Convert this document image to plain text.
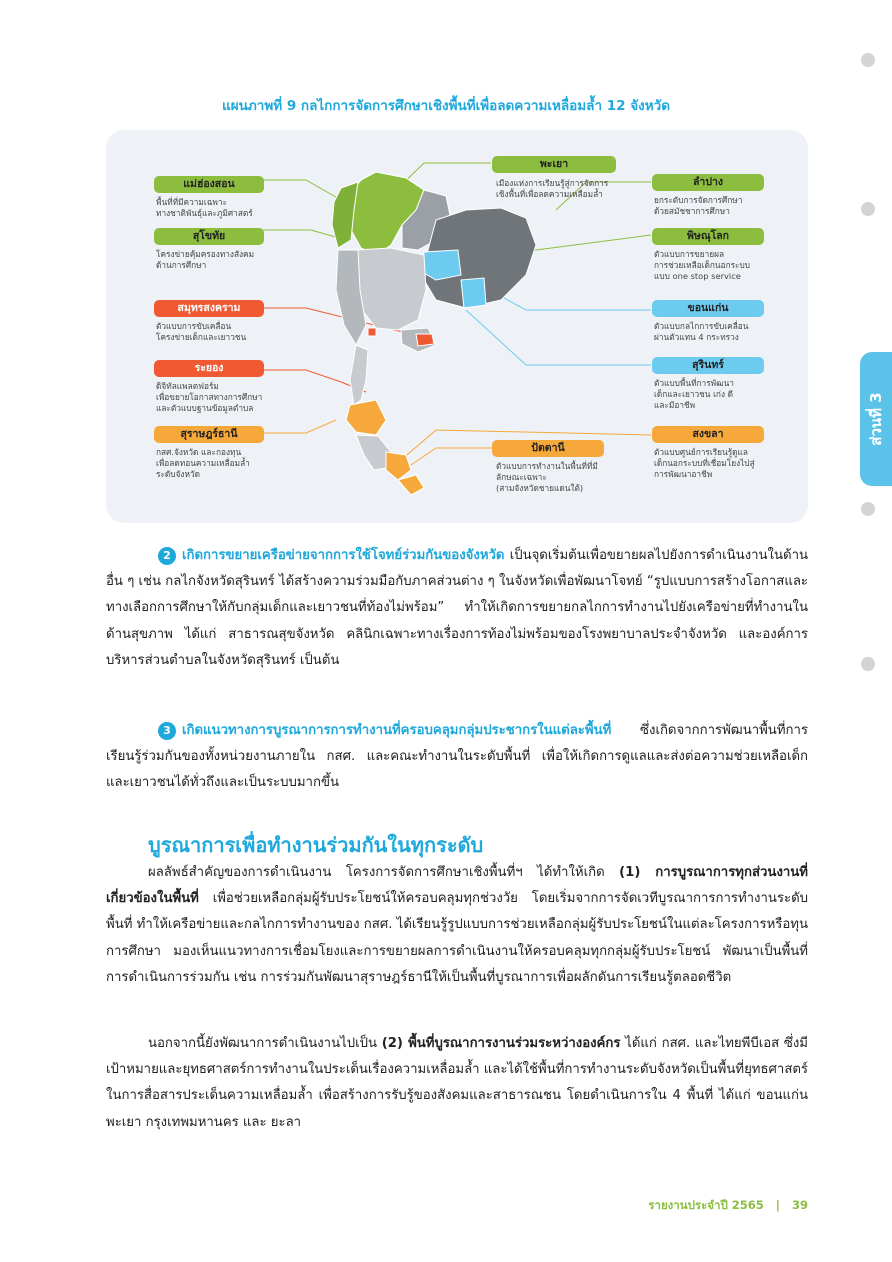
ส่วนที่ 3
แผนภาพที่ 9 กลไกการจัดการศึกษาเชิงพื้นที่เพื่อลดความเหลื่อมล้ำ 12 จังหวัด
แม่ฮ่องสอน
พื้นที่ที่มีความเฉพาะ
ทางชาติพันธุ์และภูมิศาสตร์
สุโขทัย
โครงข่ายคุ้มครองทางสังคม
ด้านการศึกษา
สมุทรสงคราม
ตัวแบบการขับเคลื่อน
โครงข่ายเด็กและเยาวชน
ระยอง
ดิจิทัลแพลตฟอร์ม
เพื่อขยายโอกาสทางการศึกษา
และตัวแบบฐานข้อมูลตำบล
สุราษฎร์ธานี
กสศ.จังหวัด และกองทุน
เพื่อลดทอนความเหลื่อมล้ำ
ระดับจังหวัด
พะเยา
เมืองแห่งการเรียนรู้สู่การจัดการ
เชิงพื้นที่เพื่อลดความเหลื่อมล้ำ
ลำปาง
ยกระดับการจัดการศึกษา
ด้วยสมัชชาการศึกษา
พิษณุโลก
ตัวแบบการขยายผล
การช่วยเหลือเด็กนอกระบบ
แบบ one stop service
ขอนแก่น
ตัวแบบกลไกการขับเคลื่อน
ผ่านตัวแทน 4 กระทรวง
สุรินทร์
ตัวแบบพื้นที่การพัฒนา
เด็กและเยาวชน เก่ง ดี
และมีอาชีพ
สงขลา
ตัวแบบศูนย์การเรียนรู้ดูแล
เด็กนอกระบบที่เชื่อมโยงไปสู่
การพัฒนาอาชีพ
ปัตตานี
ตัวแบบการทำงานในพื้นที่ที่มี
ลักษณะเฉพาะ
(สามจังหวัดชายแดนใต้)
2 เกิดการขยายเครือข่ายจากการใช้โจทย์ร่วมกันของจังหวัด เป็นจุดเริ่มต้นเพื่อขยายผลไปยังการดำเนินงานในด้านอื่น ๆ เช่น กลไกจังหวัดสุรินทร์ ได้สร้างความร่วมมือกับภาคส่วนต่าง ๆ ในจังหวัดเพื่อพัฒนาโจทย์ “รูปแบบการสร้างโอกาสและทางเลือกการศึกษาให้กับกลุ่มเด็กและเยาวชนที่ท้องไม่พร้อม” ทำให้เกิดการขยายกลไกการทำงานไปยังเครือข่ายที่ทำงานในด้านสุขภาพ ได้แก่ สาธารณสุขจังหวัด คลินิกเฉพาะทางเรื่องการท้องไม่พร้อมของโรงพยาบาลประจำจังหวัด และองค์การบริหารส่วนตำบลในจังหวัดสุรินทร์ เป็นต้น
3 เกิดแนวทางการบูรณาการการทำงานที่ครอบคลุมกลุ่มประชากรในแต่ละพื้นที่ ซึ่งเกิดจากการพัฒนาพื้นที่การเรียนรู้ร่วมกันของทั้งหน่วยงานภายใน กสศ. และคณะทำงานในระดับพื้นที่ เพื่อให้เกิดการดูแลและส่งต่อความช่วยเหลือเด็กและเยาวชนได้ทั่วถึงและเป็นระบบมากขึ้น
บูรณาการเพื่อทำงานร่วมกันในทุกระดับ
ผลลัพธ์สำคัญของการดำเนินงาน โครงการจัดการศึกษาเชิงพื้นที่ฯ ได้ทำให้เกิด (1) การบูรณาการทุกส่วนงานที่เกี่ยวข้องในพื้นที่ เพื่อช่วยเหลือกลุ่มผู้รับประโยชน์ให้ครอบคลุมทุกช่วงวัย โดยเริ่มจากการจัดเวทีบูรณาการการทำงานระดับพื้นที่ ทำให้เครือข่ายและกลไกการทำงานของ กสศ. ได้เรียนรู้รูปแบบการช่วยเหลือกลุ่มผู้รับประโยชน์ในแต่ละโครงการหรือทุนการศึกษา มองเห็นแนวทางการเชื่อมโยงและการขยายผลการดำเนินงานให้ครอบคลุมทุกกลุ่มผู้รับประโยชน์ พัฒนาเป็นพื้นที่การดำเนินการร่วมกัน เช่น การร่วมกันพัฒนาสุราษฎร์ธานีให้เป็นพื้นที่บูรณาการเพื่อผลักดันการเรียนรู้ตลอดชีวิต
นอกจากนี้ยังพัฒนาการดำเนินงานไปเป็น (2) พื้นที่บูรณาการงานร่วมระหว่างองค์กร ได้แก่ กสศ. และไทยพีบีเอส ซึ่งมีเป้าหมายและยุทธศาสตร์การทำงานในประเด็นเรื่องความเหลื่อมล้ำ และได้ใช้พื้นที่การทำงานระดับจังหวัดเป็นพื้นที่ยุทธศาสตร์ในการสื่อสารประเด็นความเหลื่อมล้ำ เพื่อสร้างการรับรู้ของสังคมและสาธารณชน โดยดำเนินการใน 4 พื้นที่ ได้แก่ ขอนแก่น พะเยา กรุงเทพมหานคร และ ยะลา
รายงานประจำปี 2565 | 39
